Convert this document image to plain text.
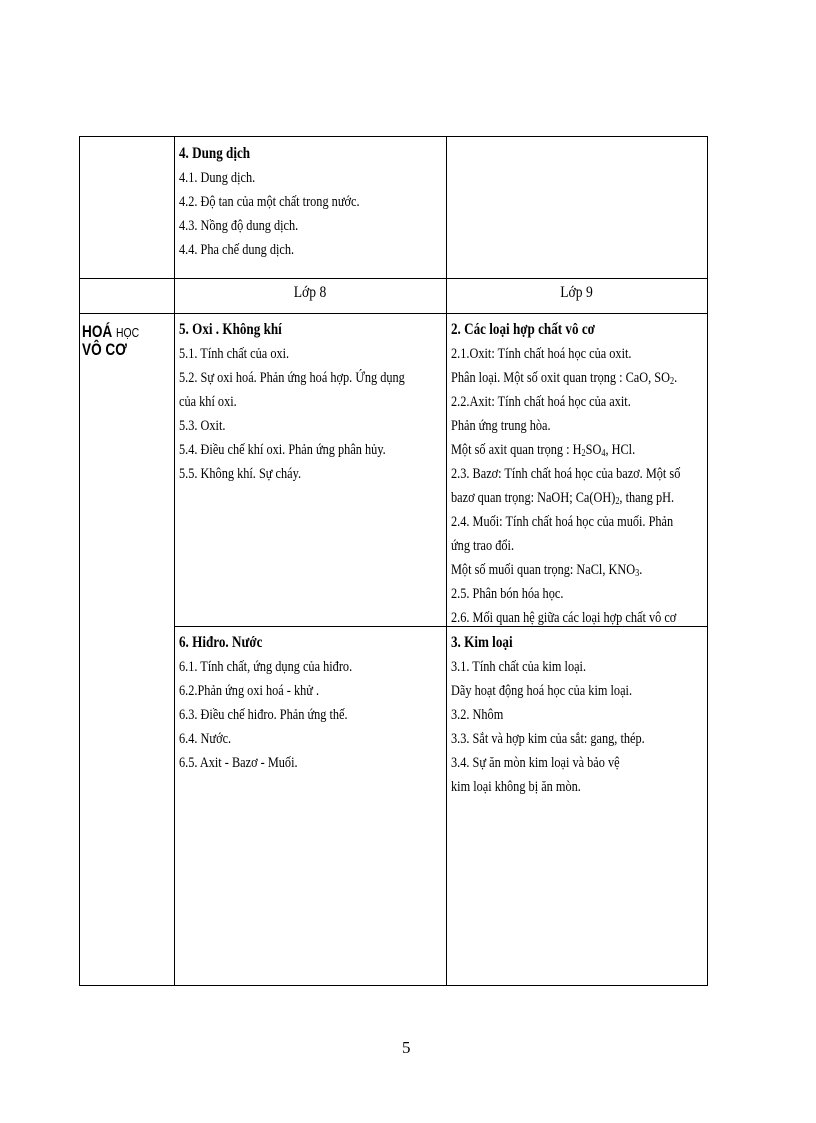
4. Dung dịch
4.1. Dung dịch.
4.2. Độ tan của một chất trong nước.
4.3. Nồng độ dung dịch.
4.4. Pha chế dung dịch.
Lớp 8	Lớp 9
HOÁ HỌC
VÔ CƠ
5. Oxi . Không khí
5.1. Tính chất của oxi.
5.2. Sự oxi hoá. Phản ứng hoá hợp. Ứng dụng
của khí oxi.
5.3. Oxit.
5.4. Điều chế khí oxi. Phản ứng phân hủy.
5.5. Không khí. Sự cháy.
2. Các loại hợp chất vô cơ
2.1.Oxit: Tính chất hoá học của oxit.
Phân loại. Một số oxit quan trọng : CaO, $SO_2$.
2.2.Axit: Tính chất hoá học của axit.
Phản ứng trung hòa.
Một số axit quan trọng : $H_2SO_4$, HCl.
2.3. Bazơ: Tính chất hoá học của bazơ. Một số
bazơ quan trọng: NaOH; $Ca(OH)_2$, thang pH.
2.4. Muối: Tính chất hoá học của muối. Phản
ứng trao đổi.
Một số muối quan trọng: NaCl, $KNO_3$.
2.5. Phân bón hóa học.
2.6. Mối quan hệ giữa các loại hợp chất vô cơ
6. Hiđro. Nước
6.1. Tính chất, ứng dụng của hiđro.
6.2.Phản ứng oxi hoá - khử .
6.3. Điều chế hiđro. Phản ứng thế.
6.4. Nước.
6.5. Axit - Bazơ - Muối.
3. Kim loại
3.1. Tính chất của kim loại.
Dãy hoạt động hoá học của kim loại.
3.2. Nhôm
3.3. Sắt và hợp kim của sắt: gang, thép.
3.4. Sự ăn mòn kim loại và bảo vệ
kim loại không bị ăn mòn.
5
